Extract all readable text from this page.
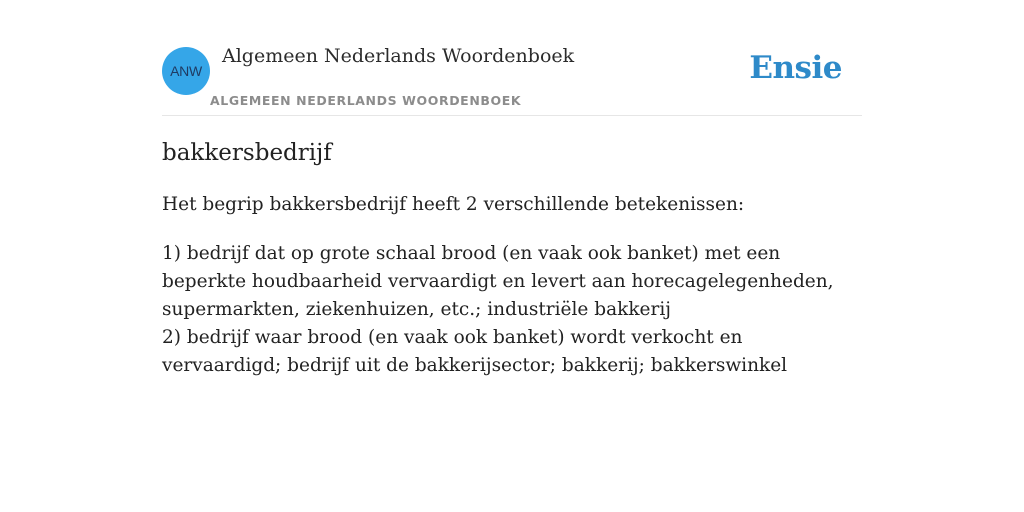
ANW
Algemeen Nederlands Woordenboek
ALGEMEEN NEDERLANDS WOORDENBOEK
Ensie
bakkersbedrijf

Het begrip bakkersbedrijf heeft 2 verschillende betekenissen:

1) bedrijf dat op grote schaal brood (en vaak ook banket) met een beperkte houdbaarheid vervaardigt en levert aan horecagelegenheden, supermarkten, ziekenhuizen, etc.; industriële bakkerij

2) bedrijf waar brood (en vaak ook banket) wordt verkocht en vervaardigd; bedrijf uit de bakkerijsector; bakkerij; bakkerswinkel
